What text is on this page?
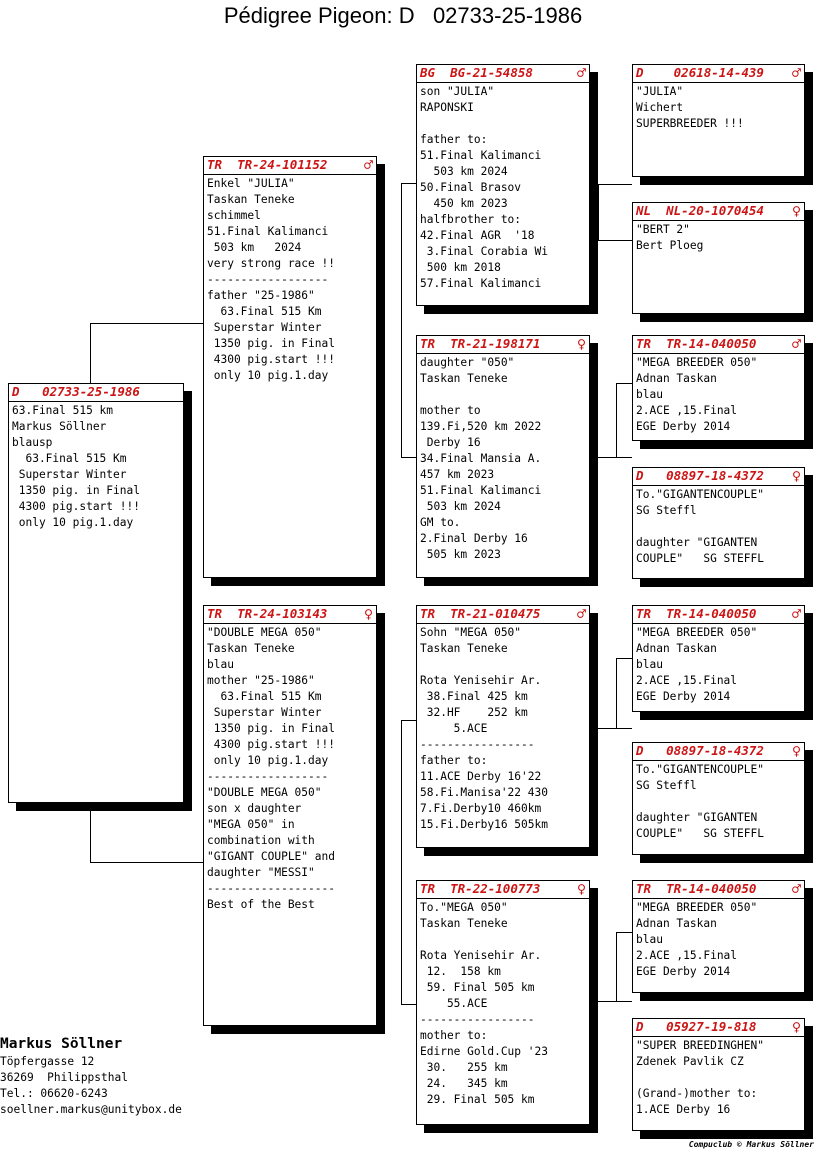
Pédigree Pigeon: D   02733-25-1986
D 02733-25-1986
63.Final 515 km
Markus Söllner
blausp
63.Final 515 Km
Superstar Winter
1350 pig. in Final
4300 pig.start !!!
only 10 pig.1.day
TR TR-24-101152 ♂
Enkel "JULIA"
Taskan Teneke
schimmel
51.Final Kalimanci
503 km   2024
very strong race !!
------------------
father "25-1986"
63.Final 515 Km
Superstar Winter
1350 pig. in Final
4300 pig.start !!!
only 10 pig.1.day
TR TR-24-103143 ♀
"DOUBLE MEGA 050"
Taskan Teneke
blau
mother "25-1986"
63.Final 515 Km
Superstar Winter
1350 pig. in Final
4300 pig.start !!!
only 10 pig.1.day
------------------
"DOUBLE MEGA 050"
son x daughter
"MEGA 050" in
combination with
"GIGANT COUPLE" and
daughter "MESSI"
-------------------
Best of the Best
BG BG-21-54858	♂
son "JULIA"
RAPONSKI
father to:
51.Final Kalimanci
503 km 2024
50.Final Brasov
450 km 2023
halfbrother to:
42.Final AGR  '18
3.Final Corabia Wi
500 km 2018
57.Final Kalimanci
TR TR-21-198171 ♀
daughter "050"
Taskan Teneke
mother to
139.Fi,520 km 2022
Derby 16
34.Final Mansia A.
457 km 2023
51.Final Kalimanci
503 km 2024
GM to.
2.Final Derby 16
505 km 2023
TR TR-21-010475 ♂
Sohn "MEGA 050"
Taskan Teneke
Rota Yenisehir Ar.
38.Final 425 km
32.HF    252 km
5.ACE
-----------------
father to:
11.ACE Derby 16'22
58.Fi.Manisa'22 430
7.Fi.Derby10 460km
15.Fi.Derby16 505km
TR TR-22-100773 ♀
To."MEGA 050"
Taskan Teneke
Rota Yenisehir Ar.
12.  158 km
59. Final 505 km
55.ACE
-----------------
mother to:
Edirne Gold.Cup '23
30.   255 km
24.   345 km
29. Final 505 km
D 02618-14-439 ♂
"JULIA"
Wichert
SUPERBREEDER !!!
NL NL-20-1070454 ♀
"BERT 2"
Bert Ploeg
TR TR-14-040050 ♂
"MEGA BREEDER 050"
Adnan Taskan
blau
2.ACE ,15.Final
EGE Derby 2014
D 08897-18-4372 ♀
To."GIGANTENCOUPLE"
SG Steffl
daughter "GIGANTEN
COUPLE"   SG STEFFL
TR TR-14-040050 ♂
"MEGA BREEDER 050"
Adnan Taskan
blau
2.ACE ,15.Final
EGE Derby 2014
D 08897-18-4372 ♀
To."GIGANTENCOUPLE"
SG Steffl
daughter "GIGANTEN
COUPLE"   SG STEFFL
TR TR-14-040050 ♂
"MEGA BREEDER 050"
Adnan Taskan
blau
2.ACE ,15.Final
EGE Derby 2014
D 05927-19-818 ♀
"SUPER BREEDINGHEN"
Zdenek Pavlik CZ
(Grand-)mother to:
1.ACE Derby 16
Markus Söllner
Töpfergasse 12
36269  Philippsthal
Tel.: 06620-6243
soellner.markus@unitybox.de
Compuclub © Markus Söllner
